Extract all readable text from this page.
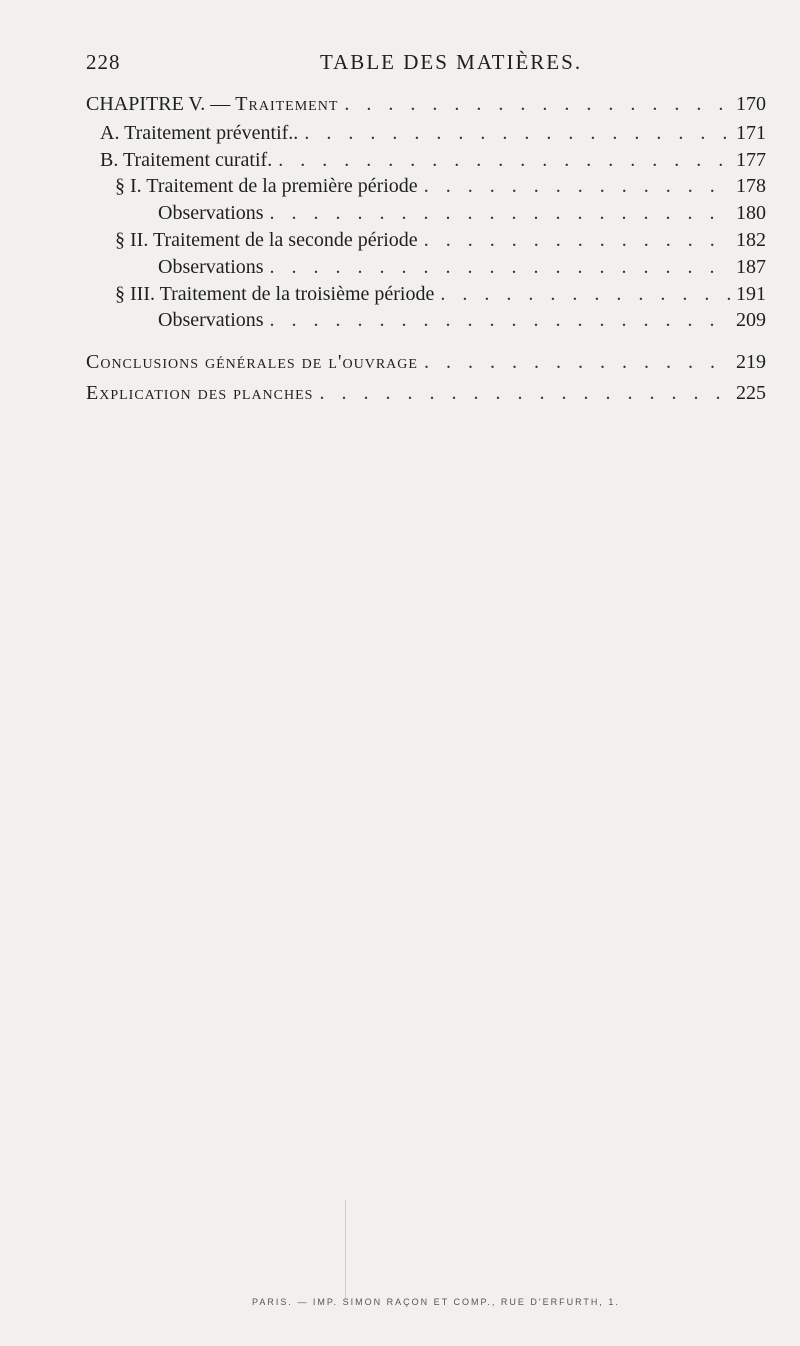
228	TABLE DES MATIÈRES.
CHAPITRE V. — Traitement . . .	170
A. Traitement préventif.. . . .	171
B. Traitement curatif. . . .	177
§ I. Traitement de la première période . . .	178
Observations . . .	180
§ II. Traitement de la seconde période . . .	182
Observations . . .	187
§ III. Traitement de la troisième période . . .	191
Observations . . .	209
Conclusions générales de l'ouvrage . . .	219
Explication des planches . . .	225
PARIS. — IMP. SIMON RAÇON ET COMP., RUE D'ERFURTH, 1.
